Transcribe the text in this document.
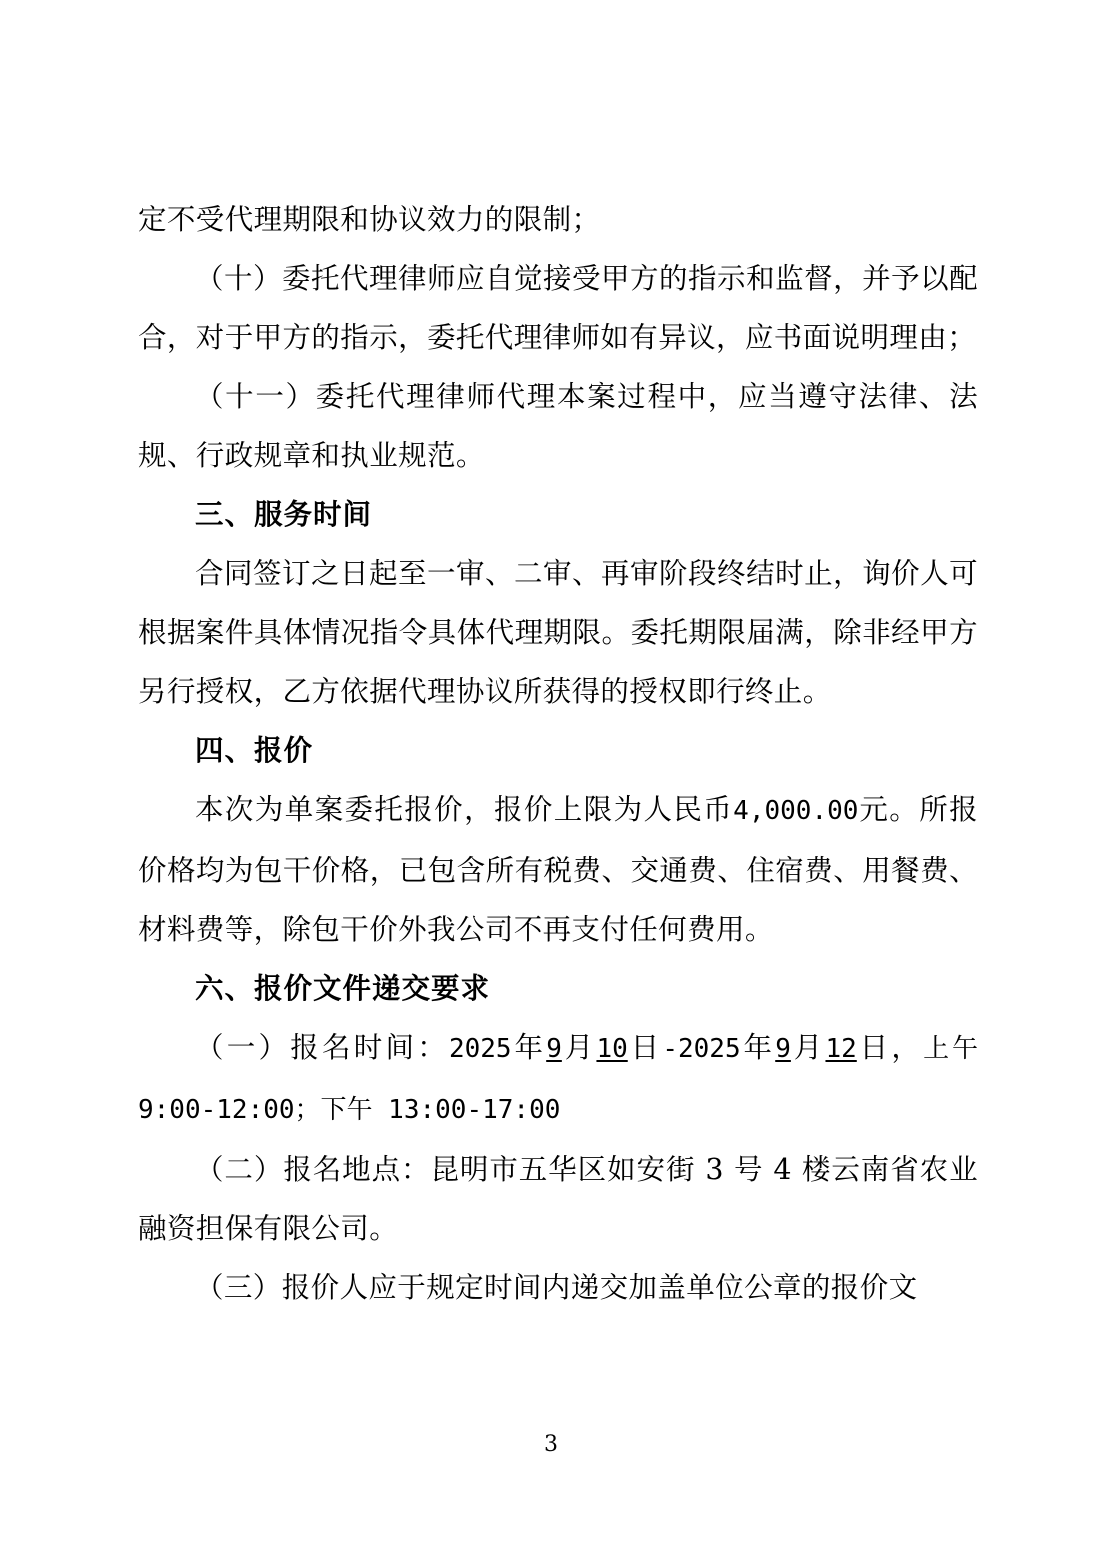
定不受代理期限和协议效力的限制；

（十）委托代理律师应自觉接受甲方的指示和监督，并予以配合，对于甲方的指示，委托代理律师如有异议，应书面说明理由；

（十一）委托代理律师代理本案过程中，应当遵守法律、法规、行政规章和执业规范。

三、服务时间

合同签订之日起至一审、二审、再审阶段终结时止，询价人可根据案件具体情况指令具体代理期限。委托期限届满，除非经甲方另行授权，乙方依据代理协议所获得的授权即行终止。

四、报价

本次为单案委托报价，报价上限为人民币4,000.00元。所报价格均为包干价格，已包含所有税费、交通费、住宿费、用餐费、材料费等，除包干价外我公司不再支付任何费用。

六、报价文件递交要求

（一）报名时间：2025年9月10日-2025年9月12日，上午 9:00-12:00；下午 13:00-17:00

（二）报名地点：昆明市五华区如安街 3 号 4 楼云南省农业融资担保有限公司。

（三）报价人应于规定时间内递交加盖单位公章的报价文

3
